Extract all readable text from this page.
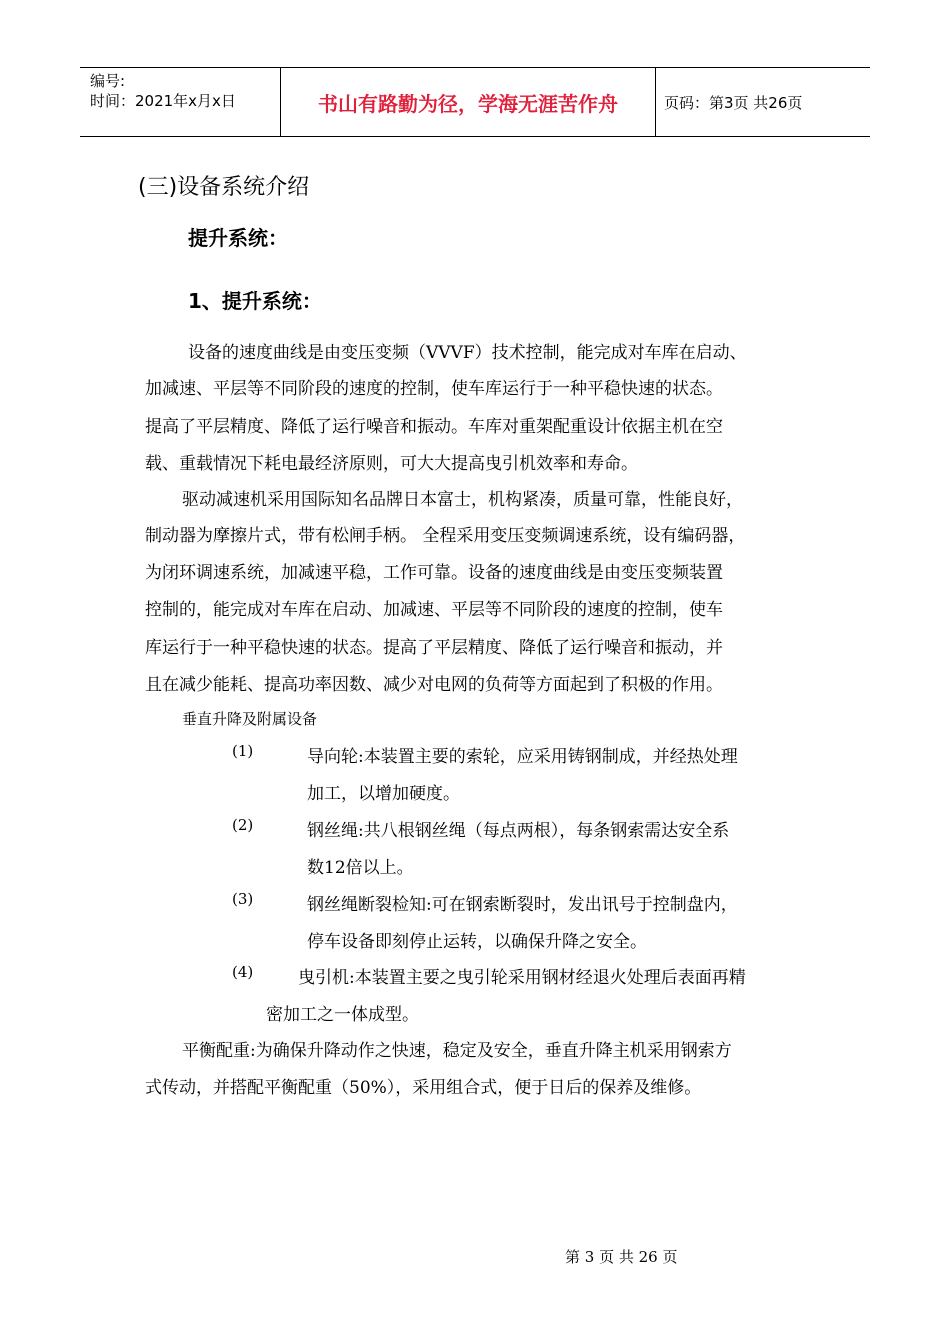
编号:
时间：2021年x月x日	书山有路勤为径，学海无涯苦作舟	页码：第3页 共26页
(三)设备系统介绍
提升系统：
1、提升系统：
设备的速度曲线是由变压变频（VVVF）技术控制，能完成对车库在启动、
加减速、平层等不同阶段的速度的控制，使车库运行于一种平稳快速的状态。
提高了平层精度、降低了运行噪音和振动。车库对重架配重设计依据主机在空
载、重载情况下耗电最经济原则，可大大提高曳引机效率和寿命。
驱动减速机采用国际知名品牌日本富士，机构紧凑，质量可靠，性能良好，
制动器为摩擦片式，带有松闸手柄。 全程采用变压变频调速系统，设有编码器，
为闭环调速系统，加减速平稳，工作可靠。设备的速度曲线是由变压变频装置
控制的，能完成对车库在启动、加减速、平层等不同阶段的速度的控制，使车
库运行于一种平稳快速的状态。提高了平层精度、降低了运行噪音和振动，并
且在减少能耗、提高功率因数、减少对电网的负荷等方面起到了积极的作用。
垂直升降及附属设备
(1)	导向轮:本装置主要的索轮，应采用铸钢制成，并经热处理
加工，以增加硬度。
(2)	钢丝绳:共八根钢丝绳（每点两根），每条钢索需达安全系
数12倍以上。
(3)	钢丝绳断裂检知:可在钢索断裂时，发出讯号于控制盘内，
停车设备即刻停止运转，以确保升降之安全。
(4)	曳引机:本装置主要之曳引轮采用钢材经退火处理后表面再精
密加工之一体成型。
平衡配重:为确保升降动作之快速，稳定及安全，垂直升降主机采用钢索方
式传动，并搭配平衡配重（50%），采用组合式，便于日后的保养及维修。
第 3 页 共 26 页
